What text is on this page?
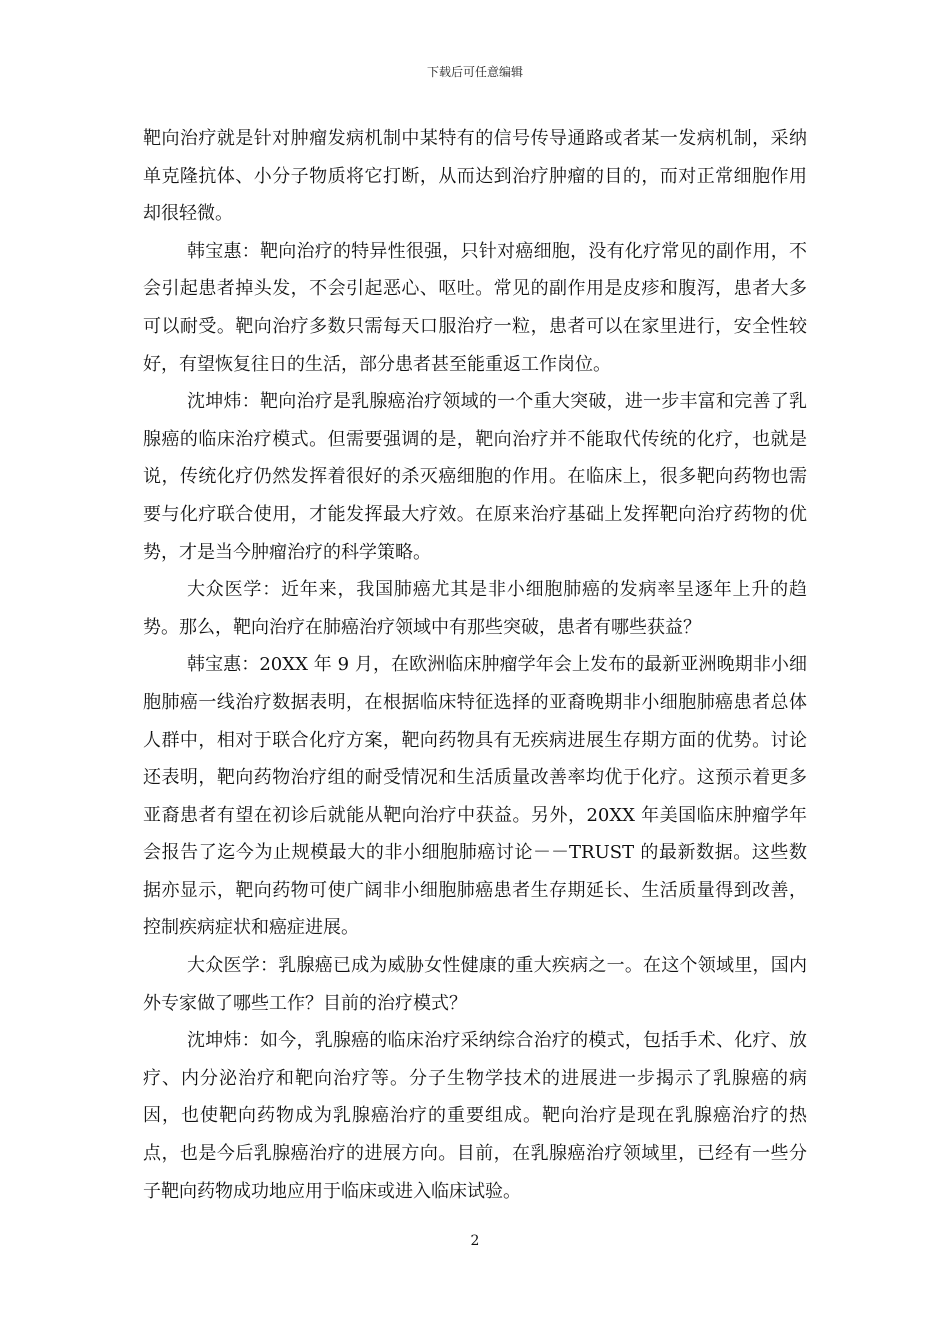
下载后可任意编辑

靶向治疗就是针对肿瘤发病机制中某特有的信号传导通路或者某一发病机制，采纳单克隆抗体、小分子物质将它打断，从而达到治疗肿瘤的目的，而对正常细胞作用却很轻微。

韩宝惠：靶向治疗的特异性很强，只针对癌细胞，没有化疗常见的副作用，不会引起患者掉头发，不会引起恶心、呕吐。常见的副作用是皮疹和腹泻，患者大多可以耐受。靶向治疗多数只需每天口服治疗一粒，患者可以在家里进行，安全性较好，有望恢复往日的生活，部分患者甚至能重返工作岗位。

沈坤炜：靶向治疗是乳腺癌治疗领域的一个重大突破，进一步丰富和完善了乳腺癌的临床治疗模式。但需要强调的是，靶向治疗并不能取代传统的化疗，也就是说，传统化疗仍然发挥着很好的杀灭癌细胞的作用。在临床上，很多靶向药物也需要与化疗联合使用，才能发挥最大疗效。在原来治疗基础上发挥靶向治疗药物的优势，才是当今肿瘤治疗的科学策略。

大众医学：近年来，我国肺癌尤其是非小细胞肺癌的发病率呈逐年上升的趋势。那么，靶向治疗在肺癌治疗领域中有那些突破，患者有哪些获益？

韩宝惠：20XX 年 9 月，在欧洲临床肿瘤学年会上发布的最新亚洲晚期非小细胞肺癌一线治疗数据表明，在根据临床特征选择的亚裔晚期非小细胞肺癌患者总体人群中，相对于联合化疗方案，靶向药物具有无疾病进展生存期方面的优势。讨论还表明，靶向药物治疗组的耐受情况和生活质量改善率均优于化疗。这预示着更多亚裔患者有望在初诊后就能从靶向治疗中获益。另外，20XX 年美国临床肿瘤学年会报告了迄今为止规模最大的非小细胞肺癌讨论－－TRUST 的最新数据。这些数据亦显示，靶向药物可使广阔非小细胞肺癌患者生存期延长、生活质量得到改善，控制疾病症状和癌症进展。

大众医学：乳腺癌已成为威胁女性健康的重大疾病之一。在这个领域里，国内外专家做了哪些工作？目前的治疗模式？

沈坤炜：如今，乳腺癌的临床治疗采纳综合治疗的模式，包括手术、化疗、放疗、内分泌治疗和靶向治疗等。分子生物学技术的进展进一步揭示了乳腺癌的病因，也使靶向药物成为乳腺癌治疗的重要组成。靶向治疗是现在乳腺癌治疗的热点，也是今后乳腺癌治疗的进展方向。目前，在乳腺癌治疗领域里，已经有一些分子靶向药物成功地应用于临床或进入临床试验。

2
